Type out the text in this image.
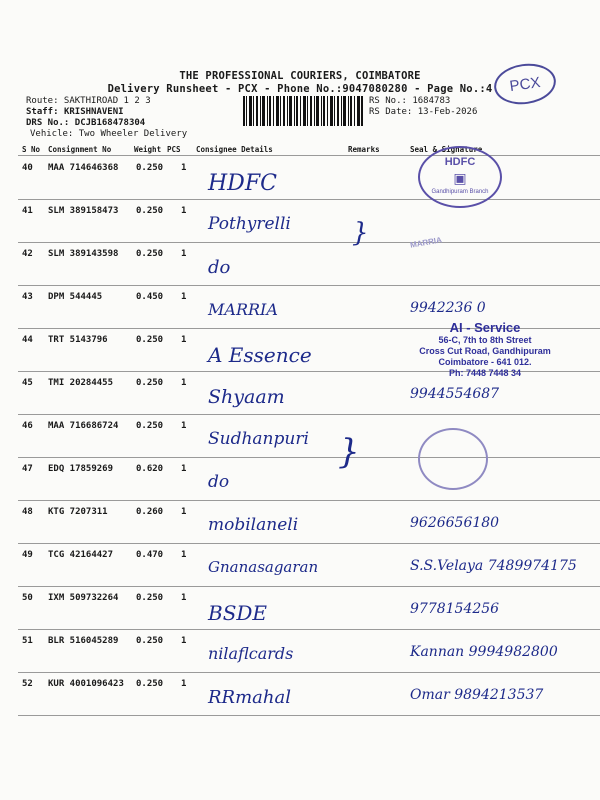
THE PROFESSIONAL COURIERS, COIMBATORE
Delivery Runsheet - PCX - Phone No.:9047080280 - Page No.:4	PCX
Route: SAKTHIROAD 1 2 3
Staff: KRISHNAVENI
DRS No.: DCJB168478304
Vehicle: Two Wheeler Delivery
RS No.: 1684783
RS Date: 13-Feb-2026
S No Consignment No	Weight PCS Consignee Details	Remarks	Seal & Signature
40 MAA 714646368 0.250 1
HDFC
41 SLM 389158473 0.250 1
Pothyrelli
42 SLM 389143598 0.250 1
do
43 DPM 544445	0.450 1
MARRIA	9942236 0
44 TRT 5143796	0.250 1
A Essence
45 TMI 20284455	0.250 1
Shyaam	9944554687
46 MAA 716686724 0.250 1
Sudhanpuri
47 EDQ 17859269	0.620 1
do
48 KTG 7207311	0.260 1
mobilaneli	9626656180
49 TCG 42164427	0.470 1
Gnanasagaran	S.S.Velaya 7489974175
50 IXM 509732264 0.250 1
BSDE	9778154256
51 BLR 516045289 0.250 1
nilaflcards	Kannan 9994982800
52 KUR 4001096423 0.250 1
RRmahal	Omar 9894213537
HDFC
▣
Gandhipuram Branch
MARRIA
AI - Service
56-C, 7th to 8th Street
Cross Cut Road, Gandhipuram
Coimbatore - 641 012.
Ph: 7448 7448 34
}
}
